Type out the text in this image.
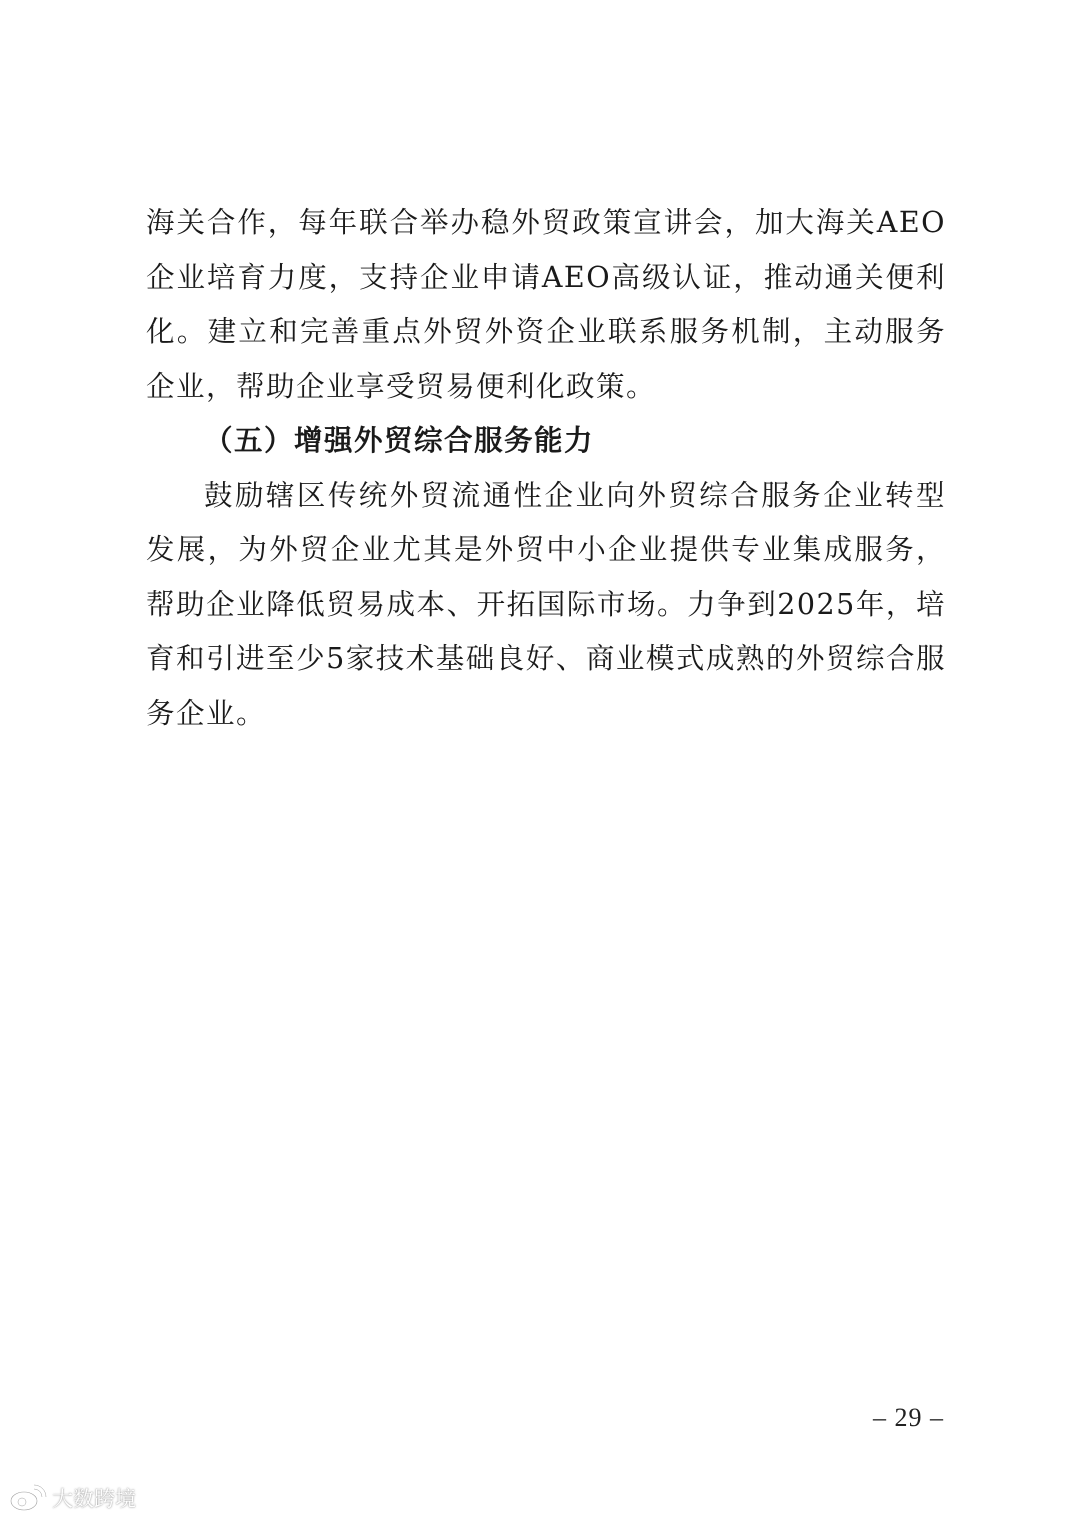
海关合作，每年联合举办稳外贸政策宣讲会，加大海关AEO企业培育力度，支持企业申请AEO高级认证，推动通关便利化。建立和完善重点外贸外资企业联系服务机制，主动服务企业，帮助企业享受贸易便利化政策。

（五）增强外贸综合服务能力

鼓励辖区传统外贸流通性企业向外贸综合服务企业转型发展，为外贸企业尤其是外贸中小企业提供专业集成服务，帮助企业降低贸易成本、开拓国际市场。力争到2025年，培育和引进至少5家技术基础良好、商业模式成熟的外贸综合服务企业。

– 29 –
大数跨境
